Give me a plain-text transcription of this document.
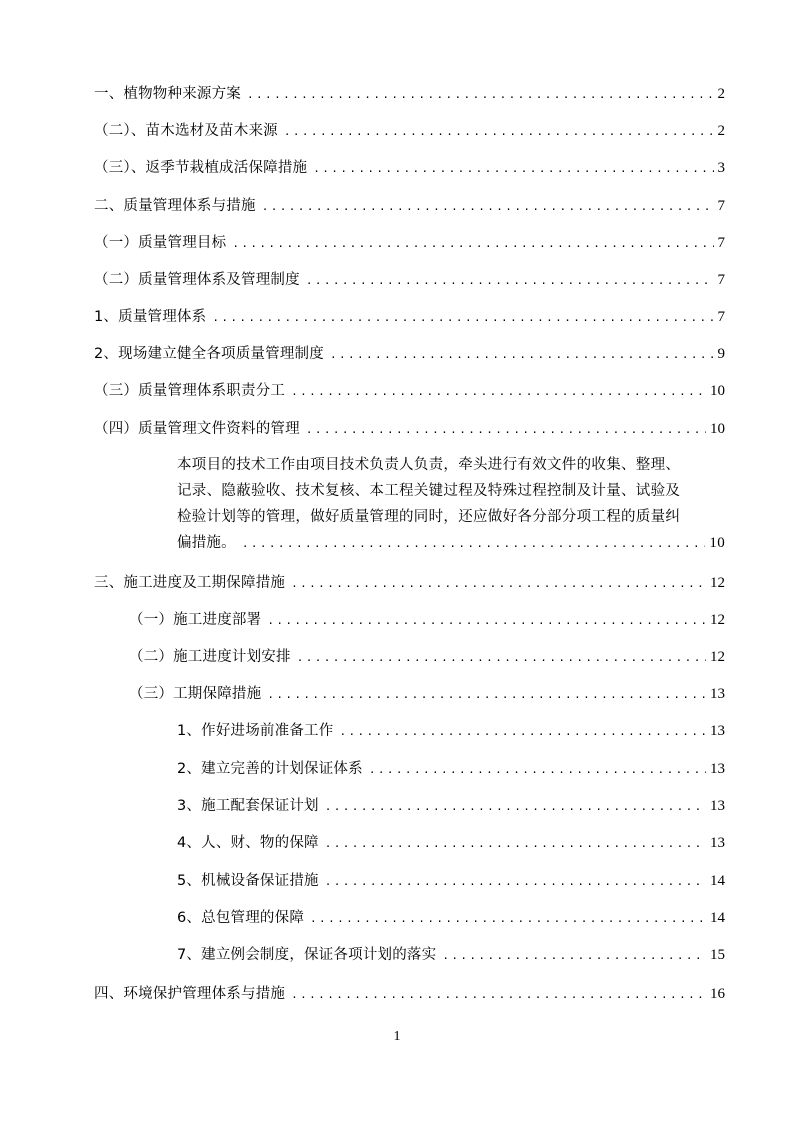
一、植物物种来源方案 .....	2
（二）、苗木选材及苗木来源 .....	2
（三）、返季节栽植成活保障措施 .....	3
二、质量管理体系与措施 .....	7
（一）质量管理目标 .....	7
（二）质量管理体系及管理制度 .....	7
1、质量管理体系 .....	7
2、现场建立健全各项质量管理制度 .....	9
（三）质量管理体系职责分工 .....	10
（四）质量管理文件资料的管理 .....	10
本项目的技术工作由项目技术负责人负责，牵头进行有效文件的收集、整理、
记录、隐蔽验收、技术复核、本工程关键过程及特殊过程控制及计量、试验及
检验计划等的管理，做好质量管理的同时，还应做好各分部分项工程的质量纠
偏措施。 .....	10
三、施工进度及工期保障措施 .....	12
（一）施工进度部署 .....	12
（二）施工进度计划安排 .....	12
（三）工期保障措施 .....	13
1、作好进场前准备工作 .....	13
2、建立完善的计划保证体系 .....	13
3、施工配套保证计划 .....	13
4、人、财、物的保障 .....	13
5、机械设备保证措施 .....	14
6、总包管理的保障 .....	14
7、建立例会制度，保证各项计划的落实 .....	15
四、环境保护管理体系与措施 .....	16
1
